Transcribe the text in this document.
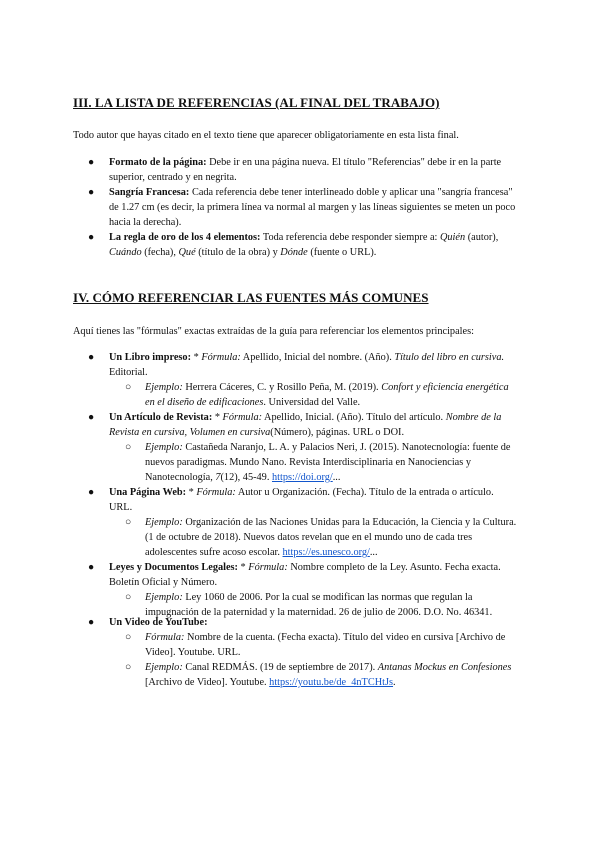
III. LA LISTA DE REFERENCIAS (AL FINAL DEL TRABAJO)

Todo autor que hayas citado en el texto tiene que aparecer obligatoriamente en esta lista final.

● Formato de la página: Debe ir en una página nueva. El título "Referencias" debe ir en la parte superior, centrado y en negrita.
● Sangría Francesa: Cada referencia debe tener interlineado doble y aplicar una "sangría francesa" de 1.27 cm (es decir, la primera línea va normal al margen y las líneas siguientes se meten un poco hacia la derecha).
● La regla de oro de los 4 elementos: Toda referencia debe responder siempre a: Quién (autor), Cuándo (fecha), Qué (título de la obra) y Dónde (fuente o URL).
IV. CÓMO REFERENCIAR LAS FUENTES MÁS COMUNES

Aquí tienes las "fórmulas" exactas extraídas de la guía para referenciar los elementos principales:

● Un Libro impreso: * Fórmula: Apellido, Inicial del nombre. (Año). Título del libro en cursiva. Editorial.
○ Ejemplo: Herrera Cáceres, C. y Rosillo Peña, M. (2019). Confort y eficiencia energética en el diseño de edificaciones. Universidad del Valle.
● Un Artículo de Revista: * Fórmula: Apellido, Inicial. (Año). Título del artículo. Nombre de la Revista en cursiva, Volumen en cursiva(Número), páginas. URL o DOI.
○ Ejemplo: Castañeda Naranjo, L. A. y Palacios Neri, J. (2015). Nanotecnología: fuente de nuevos paradigmas. Mundo Nano. Revista Interdisciplinaria en Nanociencias y Nanotecnología, 7(12), 45-49. https://doi.org/...
● Una Página Web: * Fórmula: Autor u Organización. (Fecha). Título de la entrada o artículo. URL.
○ Ejemplo: Organización de las Naciones Unidas para la Educación, la Ciencia y la Cultura. (1 de octubre de 2018). Nuevos datos revelan que en el mundo uno de cada tres adolescentes sufre acoso escolar. https://es.unesco.org/...
● Leyes y Documentos Legales: * Fórmula: Nombre completo de la Ley. Asunto. Fecha exacta. Boletín Oficial y Número.
○ Ejemplo: Ley 1060 de 2006. Por la cual se modifican las normas que regulan la impugnación de la paternidad y la maternidad. 26 de julio de 2006. D.O. No. 46341.
● Un Video de YouTube:
○ Fórmula: Nombre de la cuenta. (Fecha exacta). Título del video en cursiva [Archivo de Video]. Youtube. URL.
○ Ejemplo: Canal REDMÁS. (19 de septiembre de 2017). Antanas Mockus en Confesiones [Archivo de Video]. Youtube. https://youtu.be/de_4nTCHtJs.
